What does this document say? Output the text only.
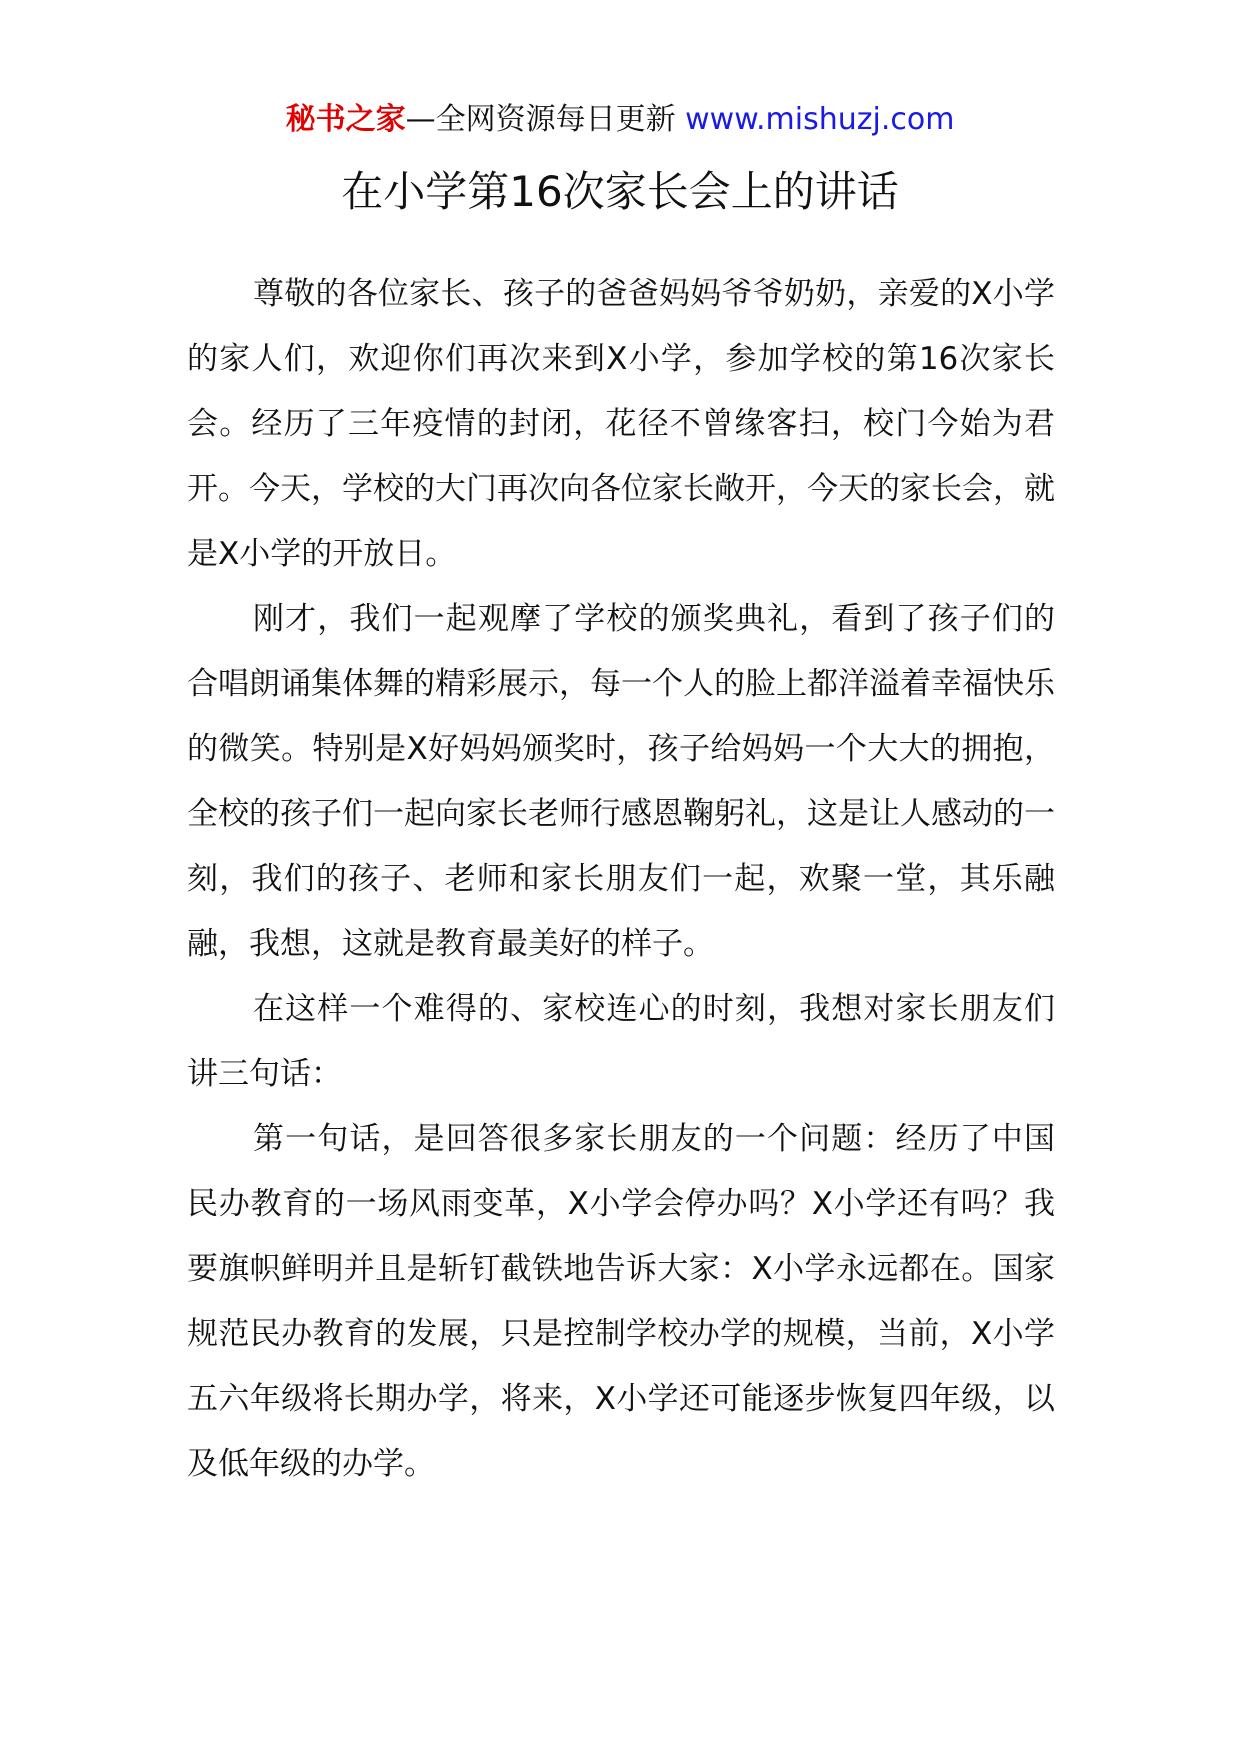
秘书之家—全网资源每日更新 www.mishuzj.com
在小学第16次家长会上的讲话

尊敬的各位家长、孩子的爸爸妈妈爷爷奶奶，亲爱的X小学的家人们，欢迎你们再次来到X小学，参加学校的第16次家长会。经历了三年疫情的封闭，花径不曾缘客扫，校门今始为君开。今天，学校的大门再次向各位家长敞开，今天的家长会，就是X小学的开放日。

刚才，我们一起观摩了学校的颁奖典礼，看到了孩子们的合唱朗诵集体舞的精彩展示，每一个人的脸上都洋溢着幸福快乐的微笑。特别是X好妈妈颁奖时，孩子给妈妈一个大大的拥抱，全校的孩子们一起向家长老师行感恩鞠躬礼，这是让人感动的一刻，我们的孩子、老师和家长朋友们一起，欢聚一堂，其乐融融，我想，这就是教育最美好的样子。

在这样一个难得的、家校连心的时刻，我想对家长朋友们讲三句话：

第一句话，是回答很多家长朋友的一个问题：经历了中国民办教育的一场风雨变革，X小学会停办吗？X小学还有吗？我要旗帜鲜明并且是斩钉截铁地告诉大家：X小学永远都在。国家规范民办教育的发展，只是控制学校办学的规模，当前，X小学五六年级将长期办学，将来，X小学还可能逐步恢复四年级，以及低年级的办学。
